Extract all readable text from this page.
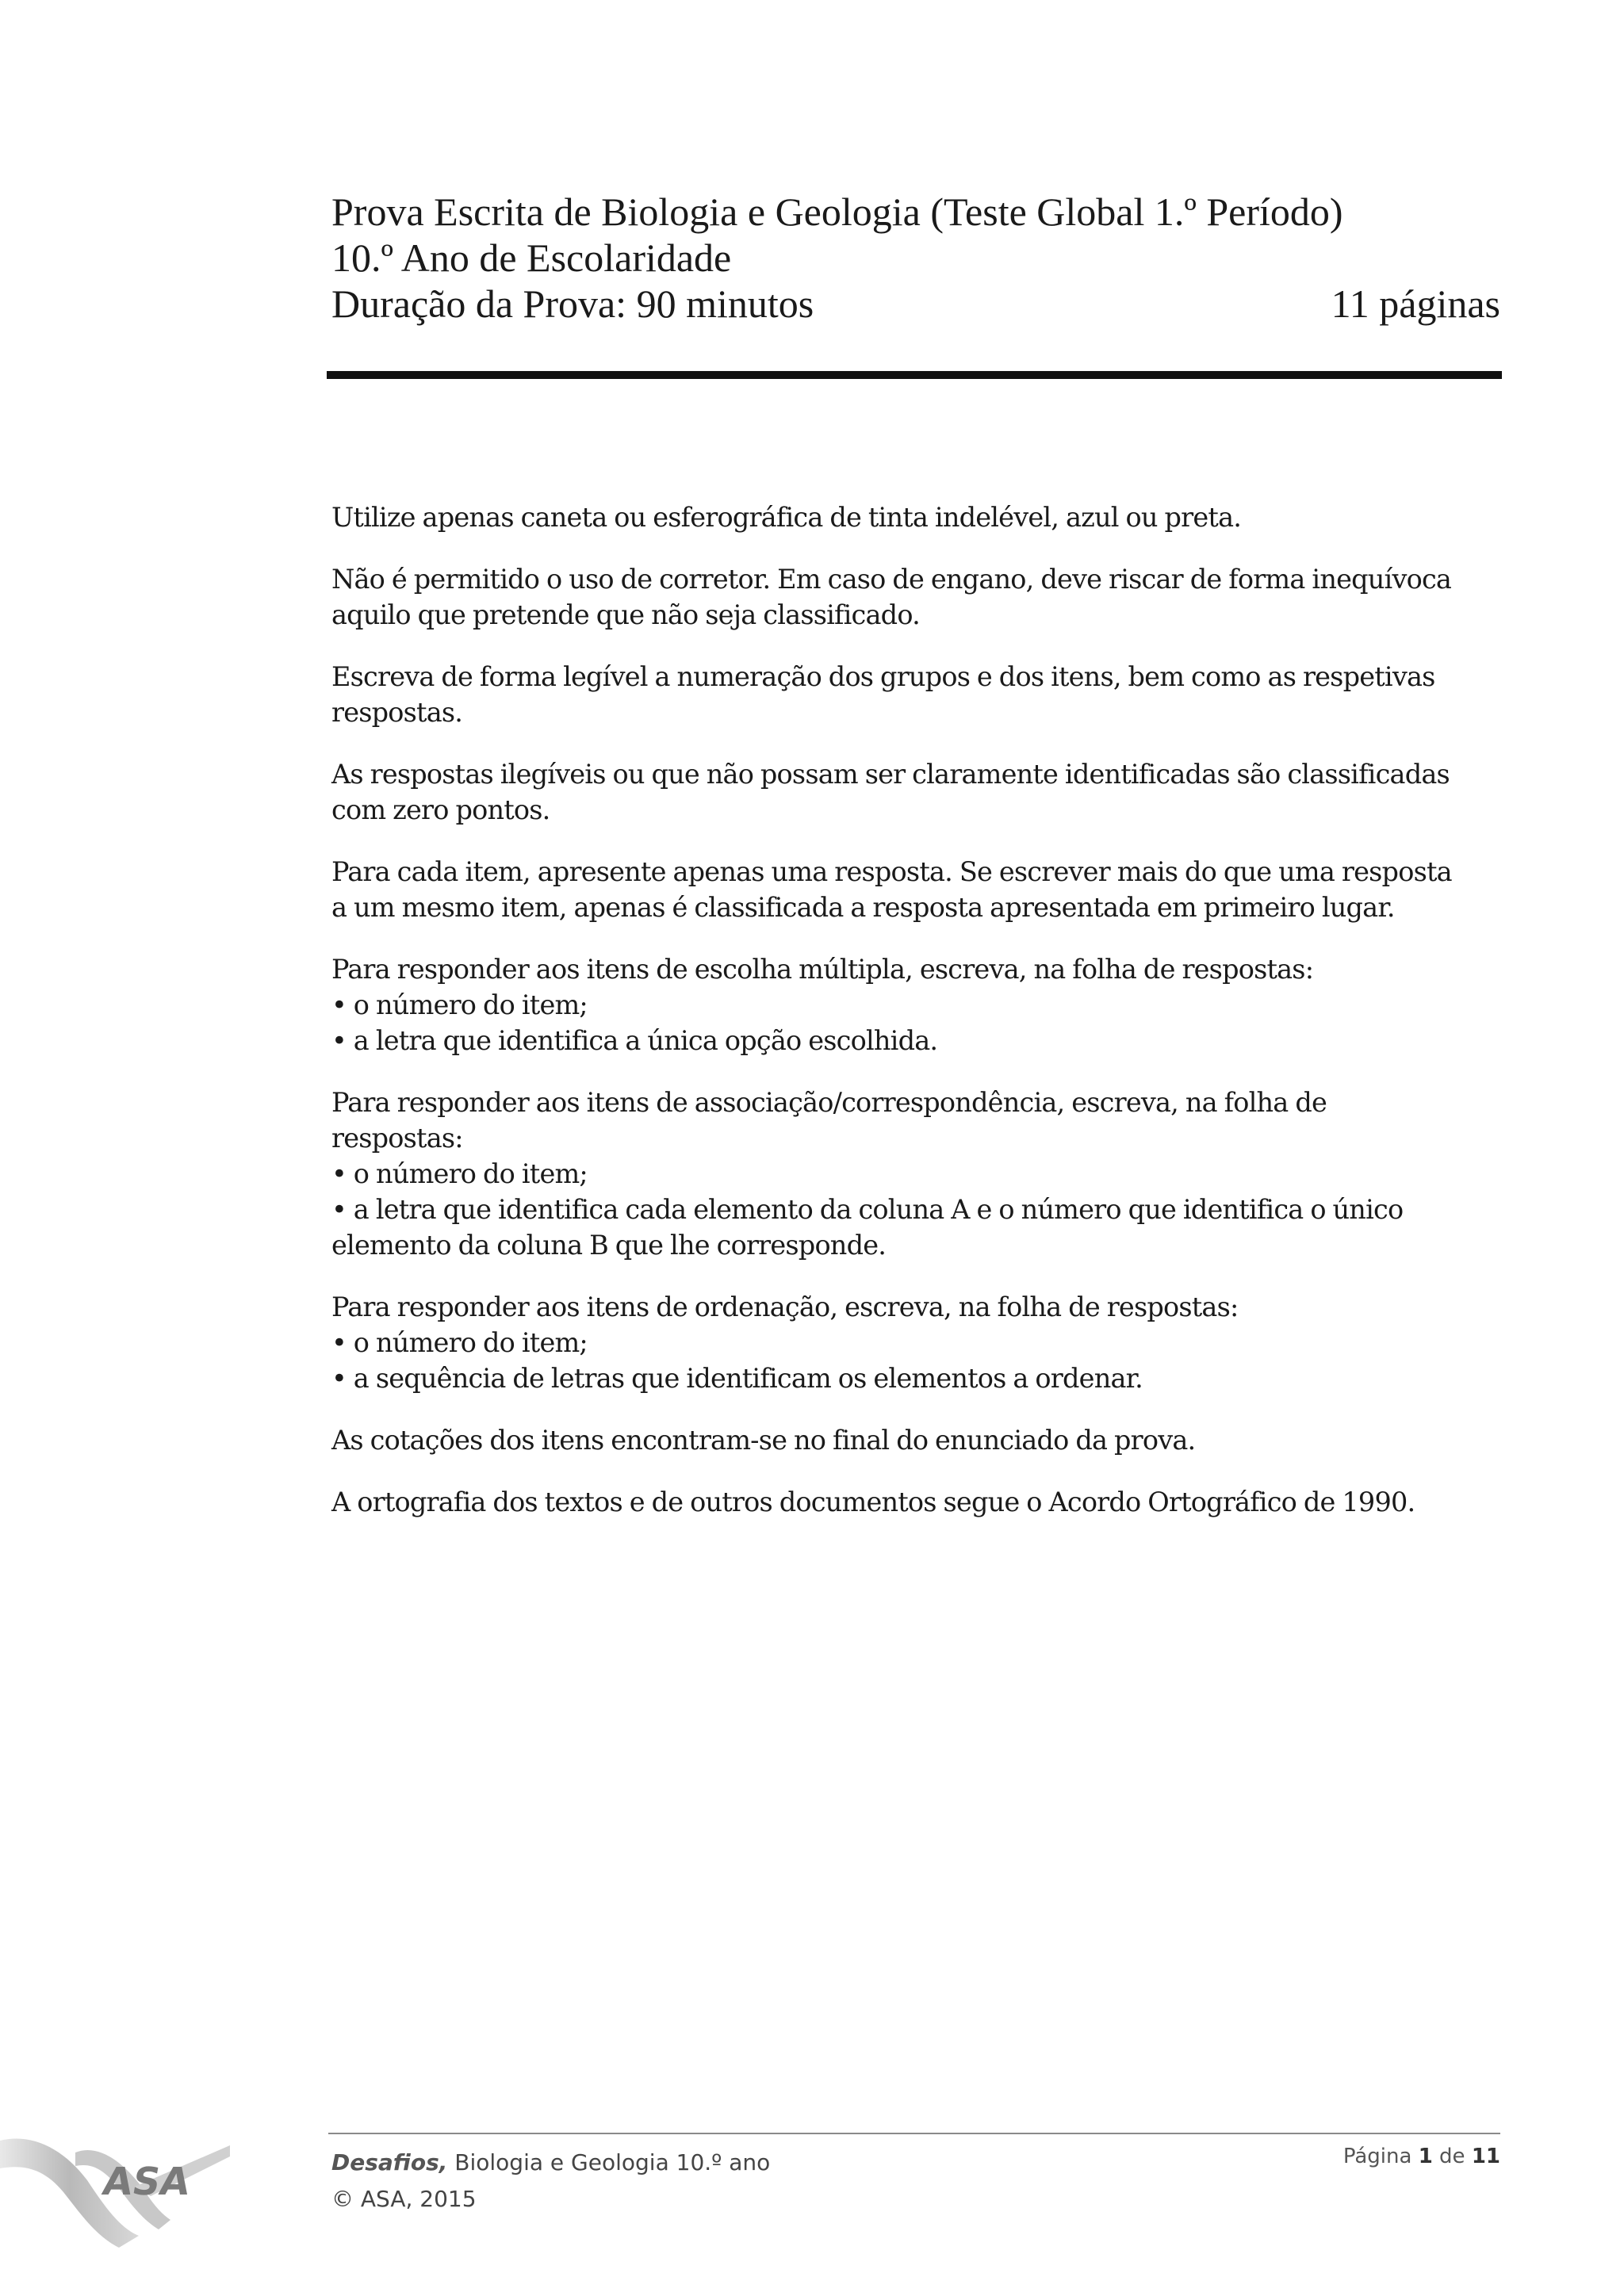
Prova Escrita de Biologia e Geologia (Teste Global 1.º Período)
10.º Ano de Escolaridade
Duração da Prova: 90 minutos	11 páginas
Utilize apenas caneta ou esferográfica de tinta indelével, azul ou preta.
Não é permitido o uso de corretor. Em caso de engano, deve riscar de forma inequívoca
aquilo que pretende que não seja classificado.
Escreva de forma legível a numeração dos grupos e dos itens, bem como as respetivas
respostas.
As respostas ilegíveis ou que não possam ser claramente identificadas são classificadas
com zero pontos.
Para cada item, apresente apenas uma resposta. Se escrever mais do que uma resposta
a um mesmo item, apenas é classificada a resposta apresentada em primeiro lugar.
Para responder aos itens de escolha múltipla, escreva, na folha de respostas:
• o número do item;
• a letra que identifica a única opção escolhida.
Para responder aos itens de associação/correspondência, escreva, na folha de
respostas:
• o número do item;
• a letra que identifica cada elemento da coluna A e o número que identifica o único
elemento da coluna B que lhe corresponde.
Para responder aos itens de ordenação, escreva, na folha de respostas:
• o número do item;
• a sequência de letras que identificam os elementos a ordenar.
As cotações dos itens encontram-se no final do enunciado da prova.
A ortografia dos textos e de outros documentos segue o Acordo Ortográfico de 1990.
ASA	Desafios, Biologia e Geologia 10.º ano
© ASA, 2015
Página 1 de 11
